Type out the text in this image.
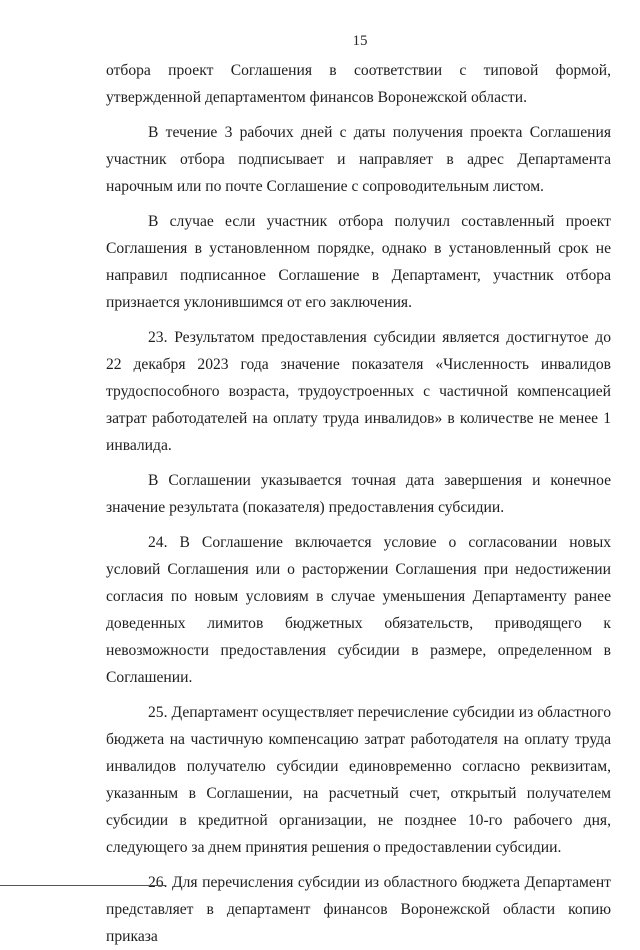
15

отбора проект Соглашения в соответствии с типовой формой, утвержденной департаментом финансов Воронежской области.

В течение 3 рабочих дней с даты получения проекта Соглашения участник отбора подписывает и направляет в адрес Департамента нарочным или по почте Соглашение с сопроводительным листом.

В случае если участник отбора получил составленный проект Соглашения в установленном порядке, однако в установленный срок не направил подписанное Соглашение в Департамент, участник отбора признается уклонившимся от его заключения.

23. Результатом предоставления субсидии является достигнутое до 22 декабря 2023 года значение показателя «Численность инвалидов трудоспособного возраста, трудоустроенных с частичной компенсацией затрат работодателей на оплату труда инвалидов» в количестве не менее 1 инвалида.

В Соглашении указывается точная дата завершения и конечное значение результата (показателя) предоставления субсидии.

24. В Соглашение включается условие о согласовании новых условий Соглашения или о расторжении Соглашения при недостижении согласия по новым условиям в случае уменьшения Департаменту ранее доведенных лимитов бюджетных обязательств, приводящего к невозможности предоставления субсидии в размере, определенном в Соглашении.

25. Департамент осуществляет перечисление субсидии из областного бюджета на частичную компенсацию затрат работодателя на оплату труда инвалидов получателю субсидии единовременно согласно реквизитам, указанным в Соглашении, на расчетный счет, открытый получателем субсидии в кредитной организации, не позднее 10-го рабочего дня, следующего за днем принятия решения о предоставлении субсидии.

26. Для перечисления субсидии из областного бюджета Департамент представляет в департамент финансов Воронежской области копию приказа
